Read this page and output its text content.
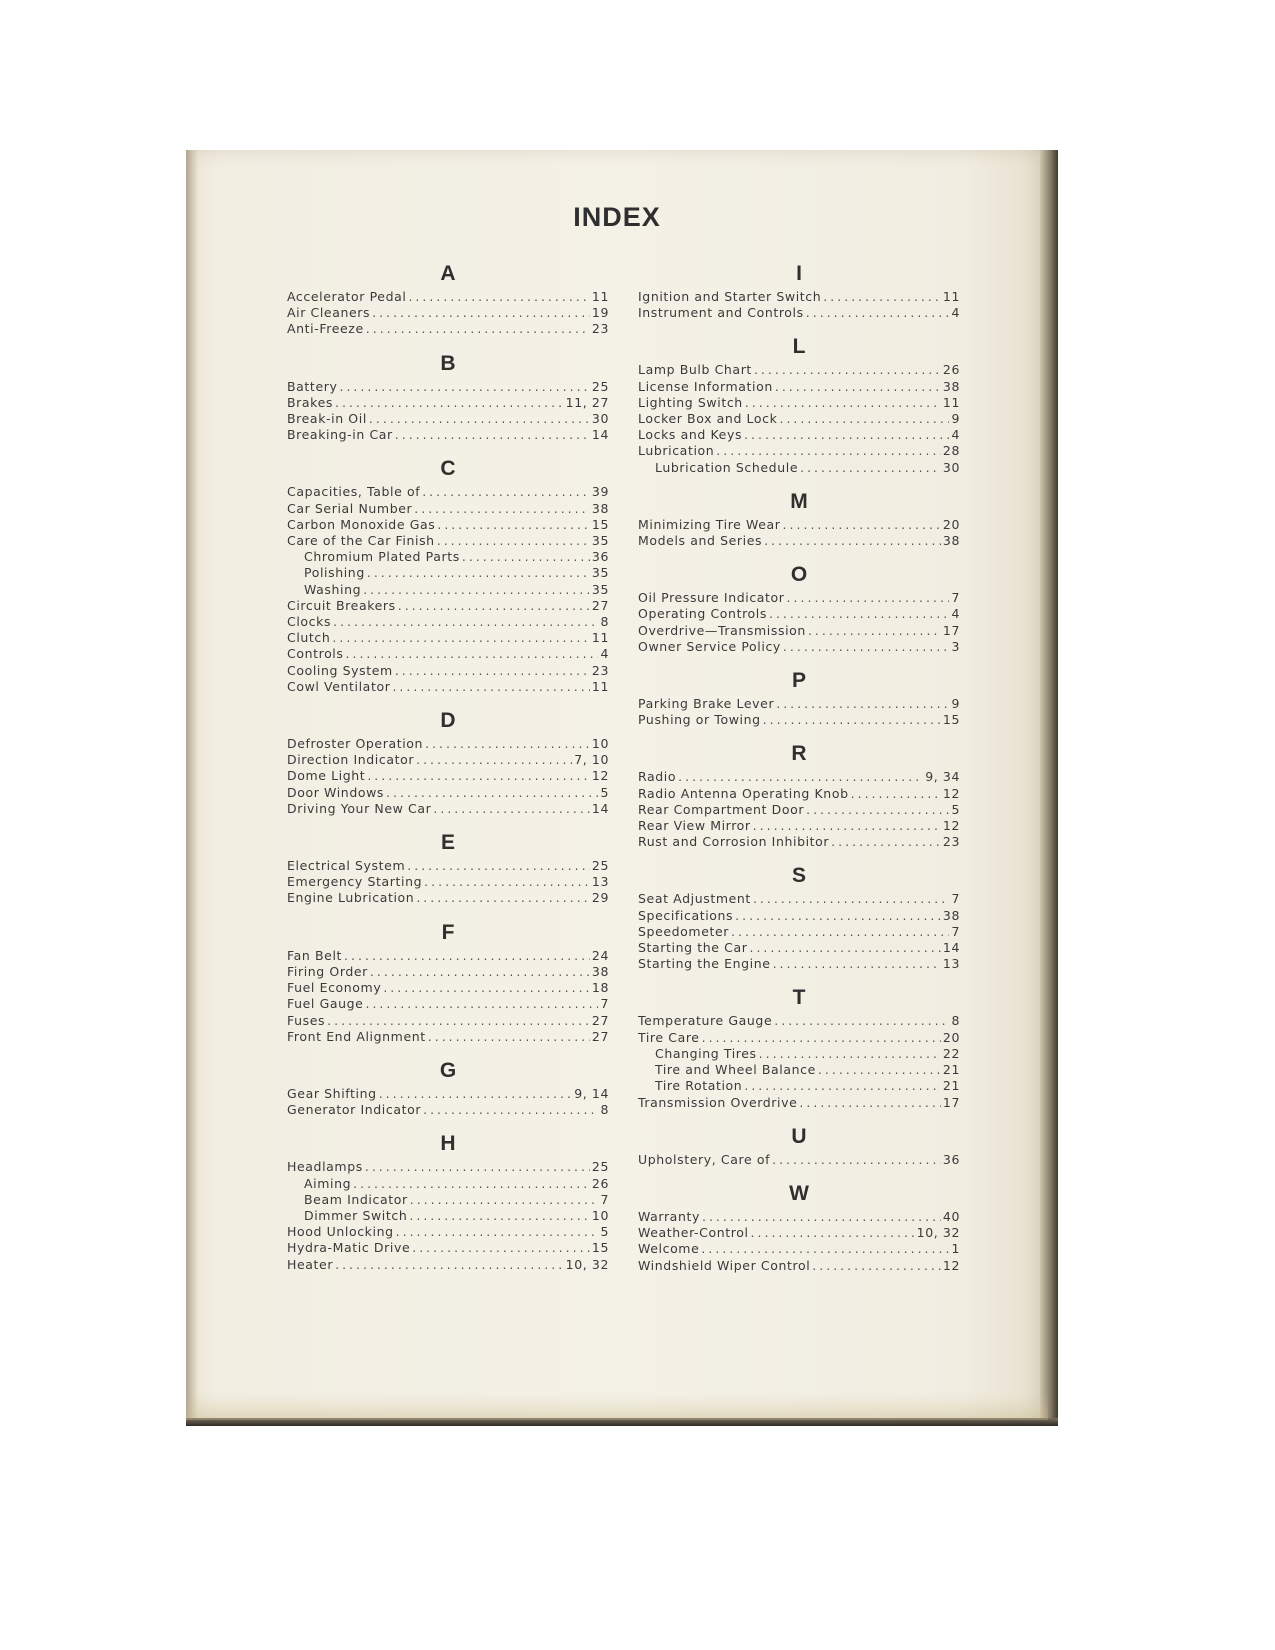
INDEX
A
Accelerator Pedal .....	11
Air Cleaners .....	19
Anti-Freeze .....	23
B
Battery .....	25
Brakes .....	11, 27
Break-in Oil .....	30
Breaking-in Car .....	14
C
Capacities, Table of .....	39
Car Serial Number .....	38
Carbon Monoxide Gas .....	15
Care of the Car Finish .....	35
Chromium Plated Parts .....	36
Polishing .....	35
Washing .....	35
Circuit Breakers .....	27
Clocks .....	8
Clutch .....	11
Controls .....	4
Cooling System .....	23
Cowl Ventilator .....	11
D
Defroster Operation .....	10
Direction Indicator .....	7, 10
Dome Light .....	12
Door Windows .....	5
Driving Your New Car .....	14
E
Electrical System .....	25
Emergency Starting .....	13
Engine Lubrication .....	29
F
Fan Belt .....	24
Firing Order .....	38
Fuel Economy .....	18
Fuel Gauge .....	7
Fuses .....	27
Front End Alignment .....	27
G
Gear Shifting .....	9, 14
Generator Indicator .....	8
H
Headlamps .....	25
Aiming .....	26
Beam Indicator .....	7
Dimmer Switch .....	10
Hood Unlocking .....	5
Hydra-Matic Drive .....	15
Heater .....	10, 32
I
Ignition and Starter Switch .....	11
Instrument and Controls .....	4
L
Lamp Bulb Chart .....	26
License Information .....	38
Lighting Switch .....	11
Locker Box and Lock .....	9
Locks and Keys .....	4
Lubrication .....	28
Lubrication Schedule .....	30
M
Minimizing Tire Wear .....	20
Models and Series .....	38
O
Oil Pressure Indicator .....	7
Operating Controls .....	4
Overdrive—Transmission .....	17
Owner Service Policy .....	3
P
Parking Brake Lever .....	9
Pushing or Towing .....	15
R
Radio .....	9, 34
Radio Antenna Operating Knob .....	12
Rear Compartment Door .....	5
Rear View Mirror .....	12
Rust and Corrosion Inhibitor .....	23
S
Seat Adjustment .....	7
Specifications .....	38
Speedometer .....	7
Starting the Car .....	14
Starting the Engine .....	13
T
Temperature Gauge .....	8
Tire Care .....	20
Changing Tires .....	22
Tire and Wheel Balance .....	21
Tire Rotation .....	21
Transmission Overdrive .....	17
U
Upholstery, Care of .....	36
W
Warranty .....	40
Weather-Control .....	10, 32
Welcome .....	1
Windshield Wiper Control .....	12
